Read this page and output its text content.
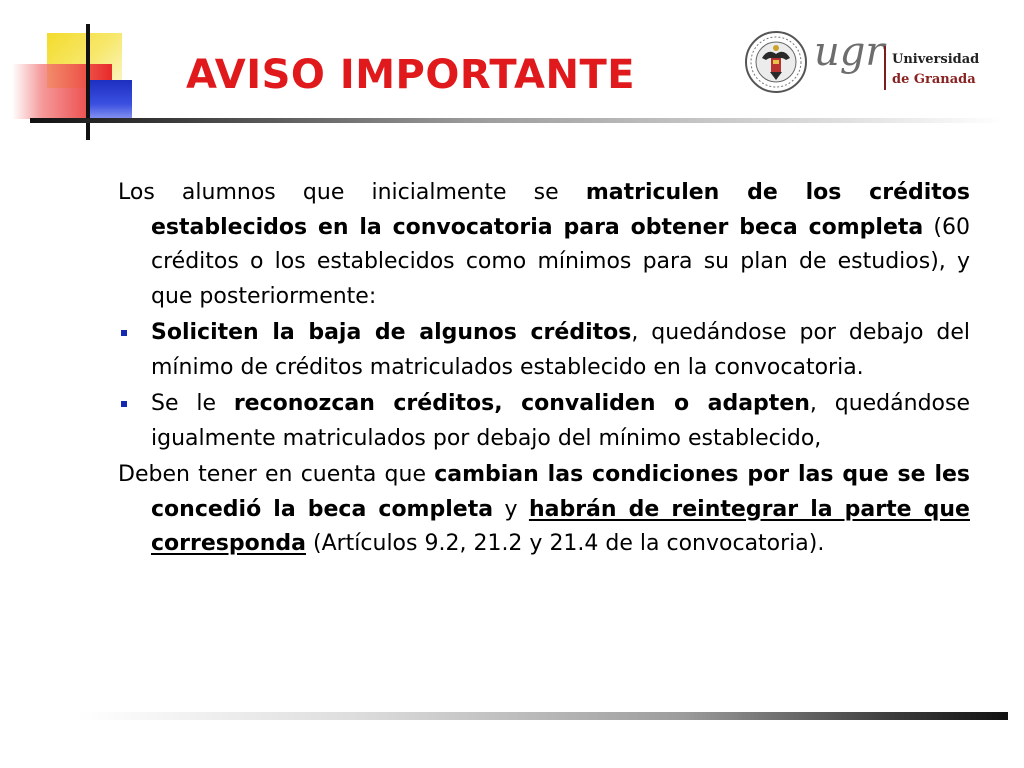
AVISO IMPORTANTE	ugr Universidad
de Granada

Los alumnos que inicialmente se matriculen de los créditos establecidos en la convocatoria para obtener beca completa (60 créditos o los establecidos como mínimos para su plan de estudios), y que posteriormente:

Soliciten la baja de algunos créditos, quedándose por debajo del mínimo de créditos matriculados establecido en la convocatoria.
Se le reconozcan créditos, convaliden o adapten, quedándose igualmente matriculados por debajo del mínimo establecido,

Deben tener en cuenta que cambian las condiciones por las que se les concedió la beca completa y habrán de reintegrar la parte que corresponda (Artículos 9.2, 21.2 y 21.4 de la convocatoria).
